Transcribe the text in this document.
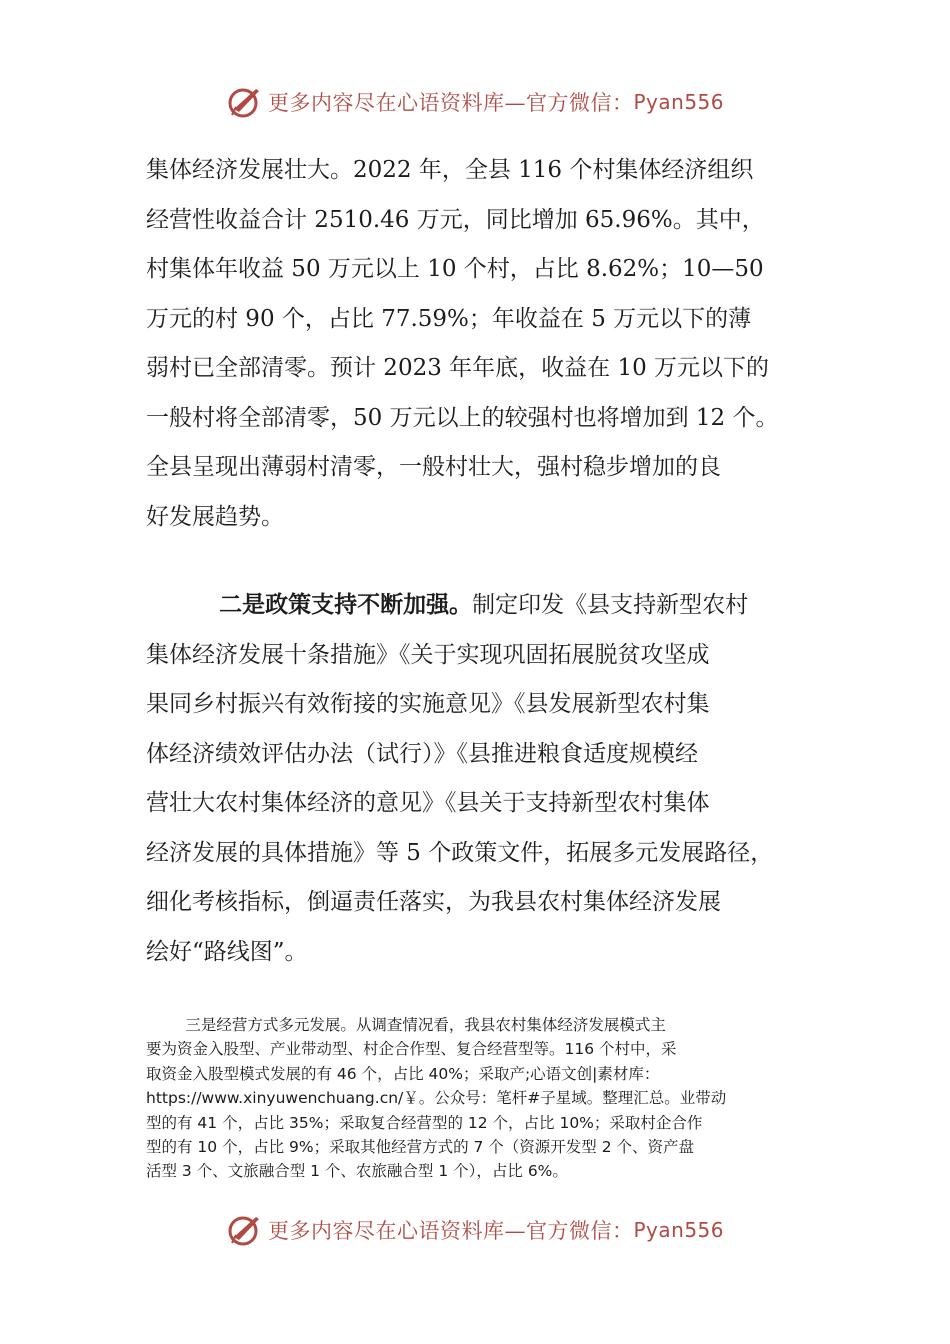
更多内容尽在心语资料库—官方微信： Pyan556
集体经济发展壮大。2022 年，全县 116 个村集体经济组织
经营性收益合计 2510.46 万元，同比增加 65.96%。其中，
村集体年收益 50 万元以上 10 个村，占比 8.62%；10—50
万元的村 90 个，占比 77.59%；年收益在 5 万元以下的薄
弱村已全部清零。预计 2023 年年底，收益在 10 万元以下的
一般村将全部清零，50 万元以上的较强村也将增加到 12 个。
全县呈现出薄弱村清零，一般村壮大，强村稳步增加的良
好发展趋势。
二是政策支持不断加强。制定印发《县支持新型农村
集体经济发展十条措施》《关于实现巩固拓展脱贫攻坚成
果同乡村振兴有效衔接的实施意见》《县发展新型农村集
体经济绩效评估办法（试行）》《县推进粮食适度规模经
营壮大农村集体经济的意见》《县关于支持新型农村集体
经济发展的具体措施》等 5 个政策文件，拓展多元发展路径，
细化考核指标，倒逼责任落实，为我县农村集体经济发展
绘好“路线图”。
三是经营方式多元发展。从调查情况看，我县农村集体经济发展模式主
要为资金入股型、产业带动型、村企合作型、复合经营型等。116 个村中，采
取资金入股型模式发展的有 46 个，占比 40%；采取产;心语文创|素材库：
https://www.xinyuwenchuang.cn/￥。公众号：笔杆#子星域。整理汇总。业带动
型的有 41 个，占比 35%；采取复合经营型的 12 个，占比 10%；采取村企合作
型的有 10 个，占比 9%；采取其他经营方式的 7 个（资源开发型 2 个、资产盘
活型 3 个、文旅融合型 1 个、农旅融合型 1 个），占比 6%。
更多内容尽在心语资料库—官方微信： Pyan556
